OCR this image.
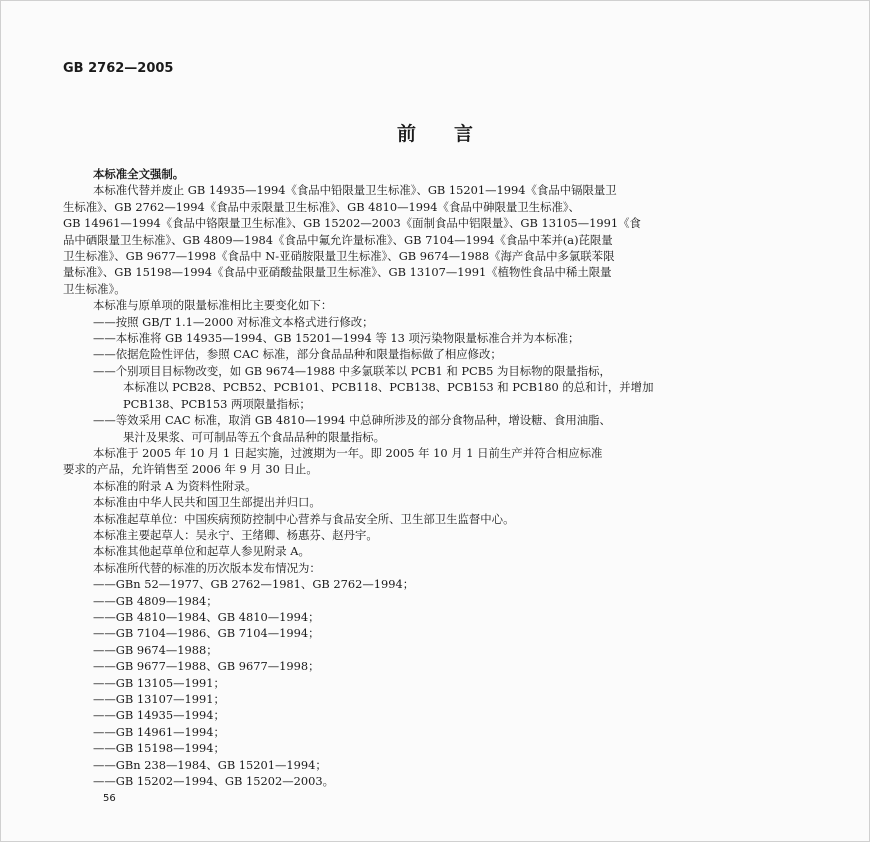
GB 2762—2005
前言

本标准全文强制。

本标准代替并废止 GB 14935—1994《食品中铅限量卫生标准》、GB 15201—1994《食品中镉限量卫

生标准》、GB 2762—1994《食品中汞限量卫生标准》、GB 4810—1994《食品中砷限量卫生标准》、

GB 14961—1994《食品中铬限量卫生标准》、GB 15202—2003《面制食品中铝限量》、GB 13105—1991《食

品中硒限量卫生标准》、GB 4809—1984《食品中氟允许量标准》、GB 7104—1994《食品中苯并(a)芘限量

卫生标准》、GB 9677—1998《食品中 N-亚硝胺限量卫生标准》、GB 9674—1988《海产食品中多氯联苯限

量标准》、GB 15198—1994《食品中亚硝酸盐限量卫生标准》、GB 13107—1991《植物性食品中稀土限量

卫生标准》。

本标准与原单项的限量标准相比主要变化如下：

——按照 GB/T 1.1—2000 对标准文本格式进行修改；

——本标准将 GB 14935—1994、GB 15201—1994 等 13 项污染物限量标准合并为本标准；

——依据危险性评估，参照 CAC 标准，部分食品品种和限量指标做了相应修改；

——个别项目目标物改变，如 GB 9674—1988 中多氯联苯以 PCB1 和 PCB5 为目标物的限量指标，

本标准以 PCB28、PCB52、PCB101、PCB118、PCB138、PCB153 和 PCB180 的总和计，并增加

PCB138、PCB153 两项限量指标；

——等效采用 CAC 标准，取消 GB 4810—1994 中总砷所涉及的部分食物品种，增设糖、食用油脂、

果汁及果浆、可可制品等五个食品品种的限量指标。

本标准于 2005 年 10 月 1 日起实施，过渡期为一年。即 2005 年 10 月 1 日前生产并符合相应标准

要求的产品，允许销售至 2006 年 9 月 30 日止。

本标准的附录 A 为资料性附录。

本标准由中华人民共和国卫生部提出并归口。

本标准起草单位：中国疾病预防控制中心营养与食品安全所、卫生部卫生监督中心。

本标准主要起草人：吴永宁、王绪卿、杨惠芬、赵丹宇。

本标准其他起草单位和起草人参见附录 A。

本标准所代替的标准的历次版本发布情况为：

——GBn 52—1977、GB 2762—1981、GB 2762—1994；

——GB 4809—1984；

——GB 4810—1984、GB 4810—1994；

——GB 7104—1986、GB 7104—1994；

——GB 9674—1988；

——GB 9677—1988、GB 9677—1998；

——GB 13105—1991；

——GB 13107—1991；

——GB 14935—1994；

——GB 14961—1994；

——GB 15198—1994；

——GBn 238—1984、GB 15201—1994；

——GB 15202—1994、GB 15202—2003。

56
